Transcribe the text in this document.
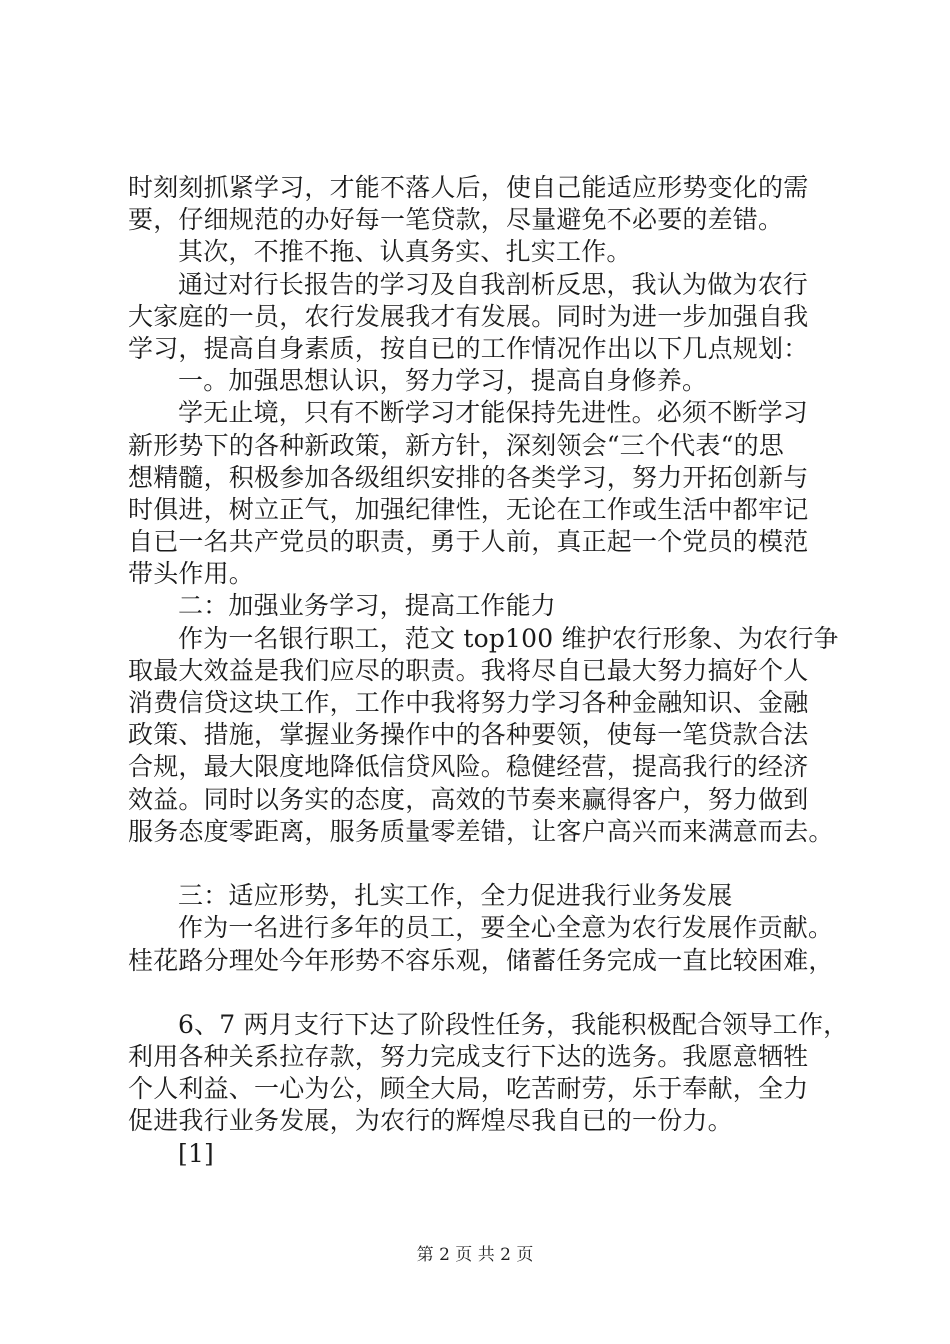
时刻刻抓紧学习，才能不落人后，使自己能适应形势变化的需
要，仔细规范的办好每一笔贷款，尽量避免不必要的差错。
其次，不推不拖、认真务实、扎实工作。
通过对行长报告的学习及自我剖析反思，我认为做为农行
大家庭的一员，农行发展我才有发展。同时为进一步加强自我
学习，提高自身素质，按自已的工作情况作出以下几点规划：
一。加强思想认识，努力学习，提高自身修养。
学无止境，只有不断学习才能保持先进性。必须不断学习
新形势下的各种新政策，新方针，深刻领会“三个代表“的思
想精髓，积极参加各级组织安排的各类学习，努力开拓创新与
时俱进，树立正气，加强纪律性，无论在工作或生活中都牢记
自已一名共产党员的职责，勇于人前，真正起一个党员的模范
带头作用。
二：加强业务学习，提高工作能力
作为一名银行职工，范文 top100 维护农行形象、为农行争
取最大效益是我们应尽的职责。我将尽自已最大努力搞好个人
消费信贷这块工作，工作中我将努力学习各种金融知识、金融
政策、措施，掌握业务操作中的各种要领，使每一笔贷款合法
合规，最大限度地降低信贷风险。稳健经营，提高我行的经济
效益。同时以务实的态度，高效的节奏来赢得客户，努力做到
服务态度零距离，服务质量零差错，让客户高兴而来满意而去。
三：适应形势，扎实工作，全力促进我行业务发展
作为一名进行多年的员工，要全心全意为农行发展作贡献。
桂花路分理处今年形势不容乐观，储蓄任务完成一直比较困难，
6、7 两月支行下达了阶段性任务，我能积极配合领导工作，
利用各种关系拉存款，努力完成支行下达的选务。我愿意牺牲
个人利益、一心为公，顾全大局，吃苦耐劳，乐于奉献，全力
促进我行业务发展，为农行的辉煌尽我自已的一份力。
[1]
第 2 页 共 2 页
